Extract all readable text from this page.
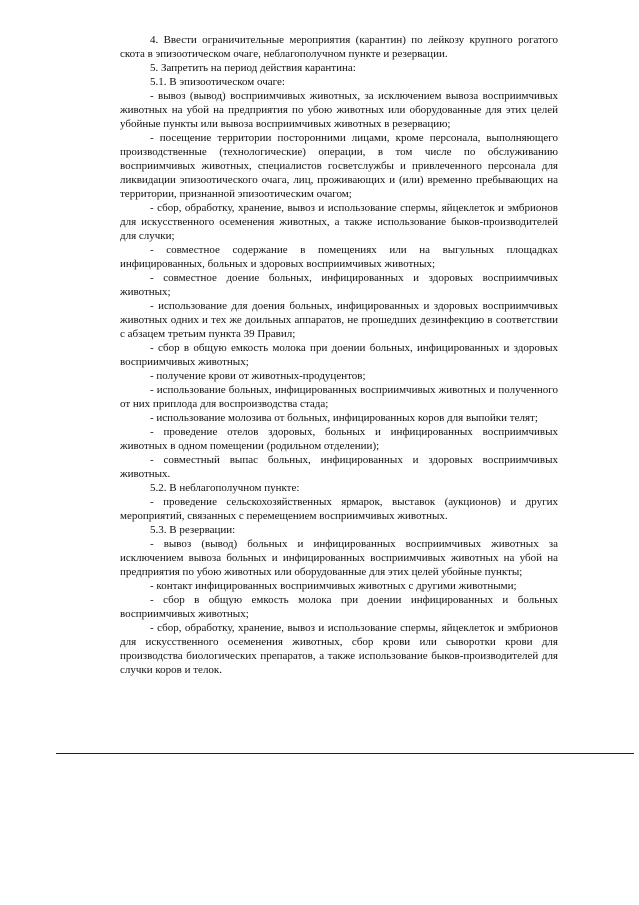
4. Ввести ограничительные мероприятия (карантин) по лейкозу крупного рогатого скота в эпизоотическом очаге, неблагополучном пункте и резервации.

5. Запретить на период действия карантина:

5.1. В эпизоотическом очаге:

- вывоз (вывод) восприимчивых животных, за исключением вывоза восприимчивых животных на убой на предприятия по убою животных или оборудованные для этих целей убойные пункты или вывоза восприимчивых животных в резервацию;

- посещение территории посторонними лицами, кроме персонала, выполняющего производственные (технологические) операции, в том числе по обслуживанию восприимчивых животных, специалистов госветслужбы и привлеченного персонала для ликвидации эпизоотического очага, лиц, проживающих и (или) временно пребывающих на территории, признанной эпизоотическим очагом;

- сбор, обработку, хранение, вывоз и использование спермы, яйцеклеток и эмбрионов для искусственного осеменения животных, а также использование быков-производителей для случки;

- совместное содержание в помещениях или на выгульных площадках инфицированных, больных и здоровых восприимчивых животных;

- совместное доение больных, инфицированных и здоровых восприимчивых животных;

- использование для доения больных, инфицированных и здоровых восприимчивых животных одних и тех же доильных аппаратов, не прошедших дезинфекцию в соответствии с абзацем третьим пункта 39 Правил;

- сбор в общую емкость молока при доении больных, инфицированных и здоровых восприимчивых животных;

- получение крови от животных-продуцентов;

- использование больных, инфицированных восприимчивых животных и полученного от них приплода для воспроизводства стада;

- использование молозива от больных, инфицированных коров для выпойки телят;

- проведение отелов здоровых, больных и инфицированных восприимчивых животных в одном помещении (родильном отделении);

- совместный выпас больных, инфицированных и здоровых восприимчивых животных.

5.2. В неблагополучном пункте:

- проведение сельскохозяйственных ярмарок, выставок (аукционов) и других мероприятий, связанных с перемещением восприимчивых животных.

5.3. В резервации:

- вывоз (вывод) больных и инфицированных восприимчивых животных за исключением вывоза больных и инфицированных восприимчивых животных на убой на предприятия по убою животных или оборудованные для этих целей убойные пункты;

- контакт инфицированных восприимчивых животных с другими животными;

- сбор в общую емкость молока при доении инфицированных и больных восприимчивых животных;

- сбор, обработку, хранение, вывоз и использование спермы, яйцеклеток и эмбрионов для искусственного осеменения животных, сбор крови или сыворотки крови для производства биологических препаратов, а также использование быков-производителей для случки коров и телок.
